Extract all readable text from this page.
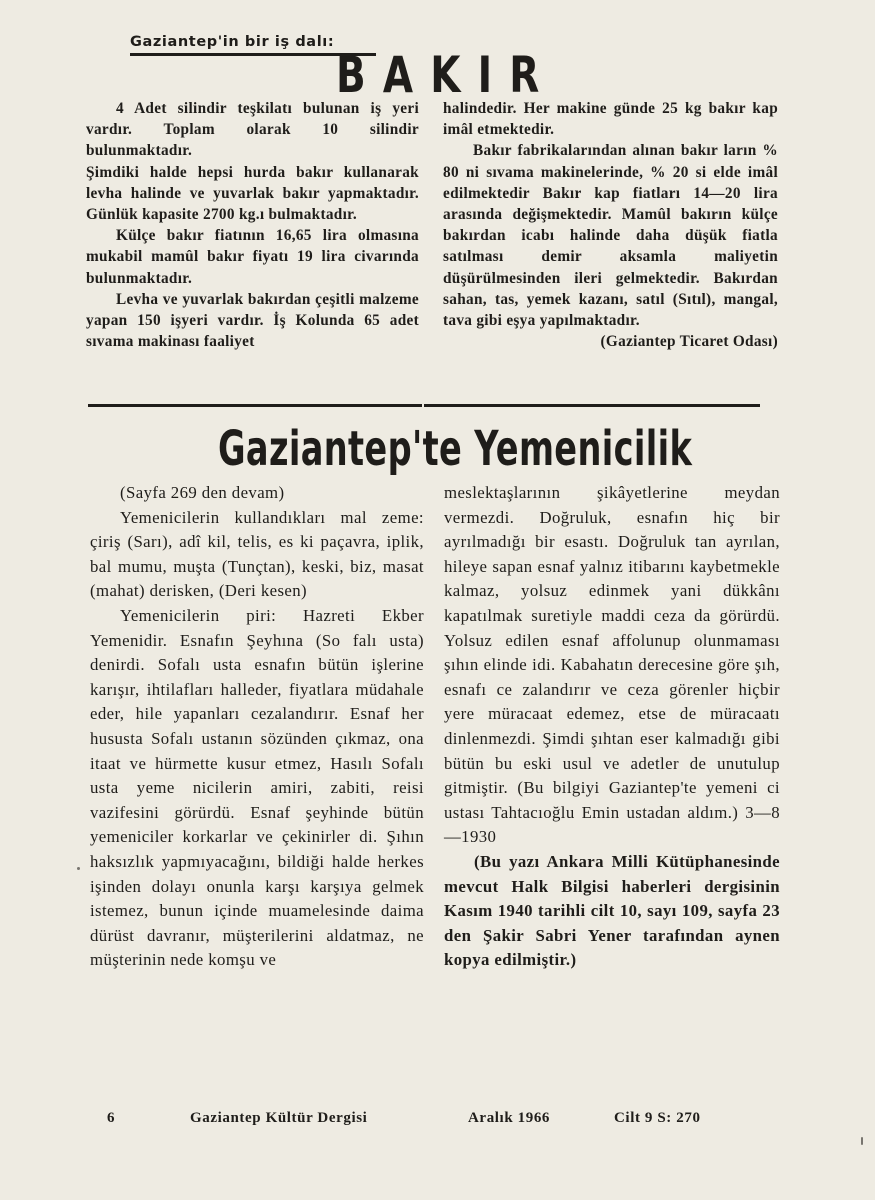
Gaziantep'in bir iş dalı:
BAKIR

4 Adet silindir teşkilatı bulunan iş yeri vardır. Toplam olarak 10 silindir bulunmaktadır.

Şimdiki halde hepsi hurda bakır kullanarak levha halinde ve yuvarlak bakır yapmaktadır. Günlük kapasite 2700 kg.ı bulmaktadır.

Külçe bakır fiatının 16,65 lira olmasına mukabil mamûl bakır fiyatı 19 lira civarında bulunmaktadır.

Levha ve yuvarlak bakırdan çeşitli malzeme yapan 150 işyeri vardır. İş Kolunda 65 adet sıvama makinası faaliyet

halindedir. Her makine günde 25 kg bakır kap imâl etmektedir.

Bakır fabrikalarından alınan bakır ların % 80 ni sıvama makinelerinde, % 20 si elde imâl edilmektedir Bakır kap fiatları 14—20 lira arasında değişmektedir. Mamûl bakırın külçe bakırdan icabı halinde daha düşük fiatla satılması demir aksamla maliyetin düşürülmesinden ileri gelmektedir. Bakırdan sahan, tas, yemek kazanı, satıl (Sıtıl), mangal, tava gibi eşya yapılmaktadır.

(Gaziantep Ticaret Odası)

Gaziantep'te Yemenicilik

(Sayfa 269 den devam)

Yemenicilerin kullandıkları mal zeme: çiriş (Sarı), adî kil, telis, es ki paçavra, iplik, bal mumu, muşta (Tunçtan), keski, biz, masat (mahat) derisken, (Deri kesen)

Yemenicilerin piri: Hazreti Ekber Yemenidir. Esnafın Şeyhına (So falı usta) denirdi. Sofalı usta esnafın bütün işlerine karışır, ihtilafları halleder, fiyatlara müdahale eder, hile yapanları cezalandırır. Esnaf her hususta Sofalı ustanın sözünden çıkmaz, ona itaat ve hürmette kusur etmez, Hasılı Sofalı usta yeme nicilerin amiri, zabiti, reisi vazifesini görürdü. Esnaf şeyhinde bütün yemeniciler korkarlar ve çekinirler di. Şıhın haksızlık yapmıyacağını, bildiği halde herkes işinden dolayı onunla karşı karşıya gelmek istemez, bunun içinde muamelesinde daima dürüst davranır, müşterilerini aldatmaz, ne müşterinin nede komşu ve

meslektaşlarının şikâyetlerine meydan vermezdi. Doğruluk, esnafın hiç bir ayrılmadığı bir esastı. Doğruluk tan ayrılan, hileye sapan esnaf yalnız itibarını kaybetmekle kalmaz, yolsuz edinmek yani dükkânı kapatılmak suretiyle maddi ceza da görürdü. Yolsuz edilen esnaf affolunup olunmaması şıhın elinde idi. Kabahatın derecesine göre şıh, esnafı ce zalandırır ve ceza görenler hiçbir yere müracaat edemez, etse de müracaatı dinlenmezdi. Şimdi şıhtan eser kalmadığı gibi bütün bu eski usul ve adetler de unutulup gitmiştir. (Bu bilgiyi Gaziantep'te yemeni ci ustası Tahtacıoğlu Emin ustadan aldım.) 3—8—1930

(Bu yazı Ankara Milli Kütüphanesinde mevcut Halk Bilgisi haberleri dergisinin Kasım 1940 tarihli cilt 10, sayı 109, sayfa 23 den Şakir Sabri Yener tarafından aynen kopya edilmiştir.)

6	Gaziantep Kültür Dergisi	Aralık 1966	Cilt 9 S: 270
